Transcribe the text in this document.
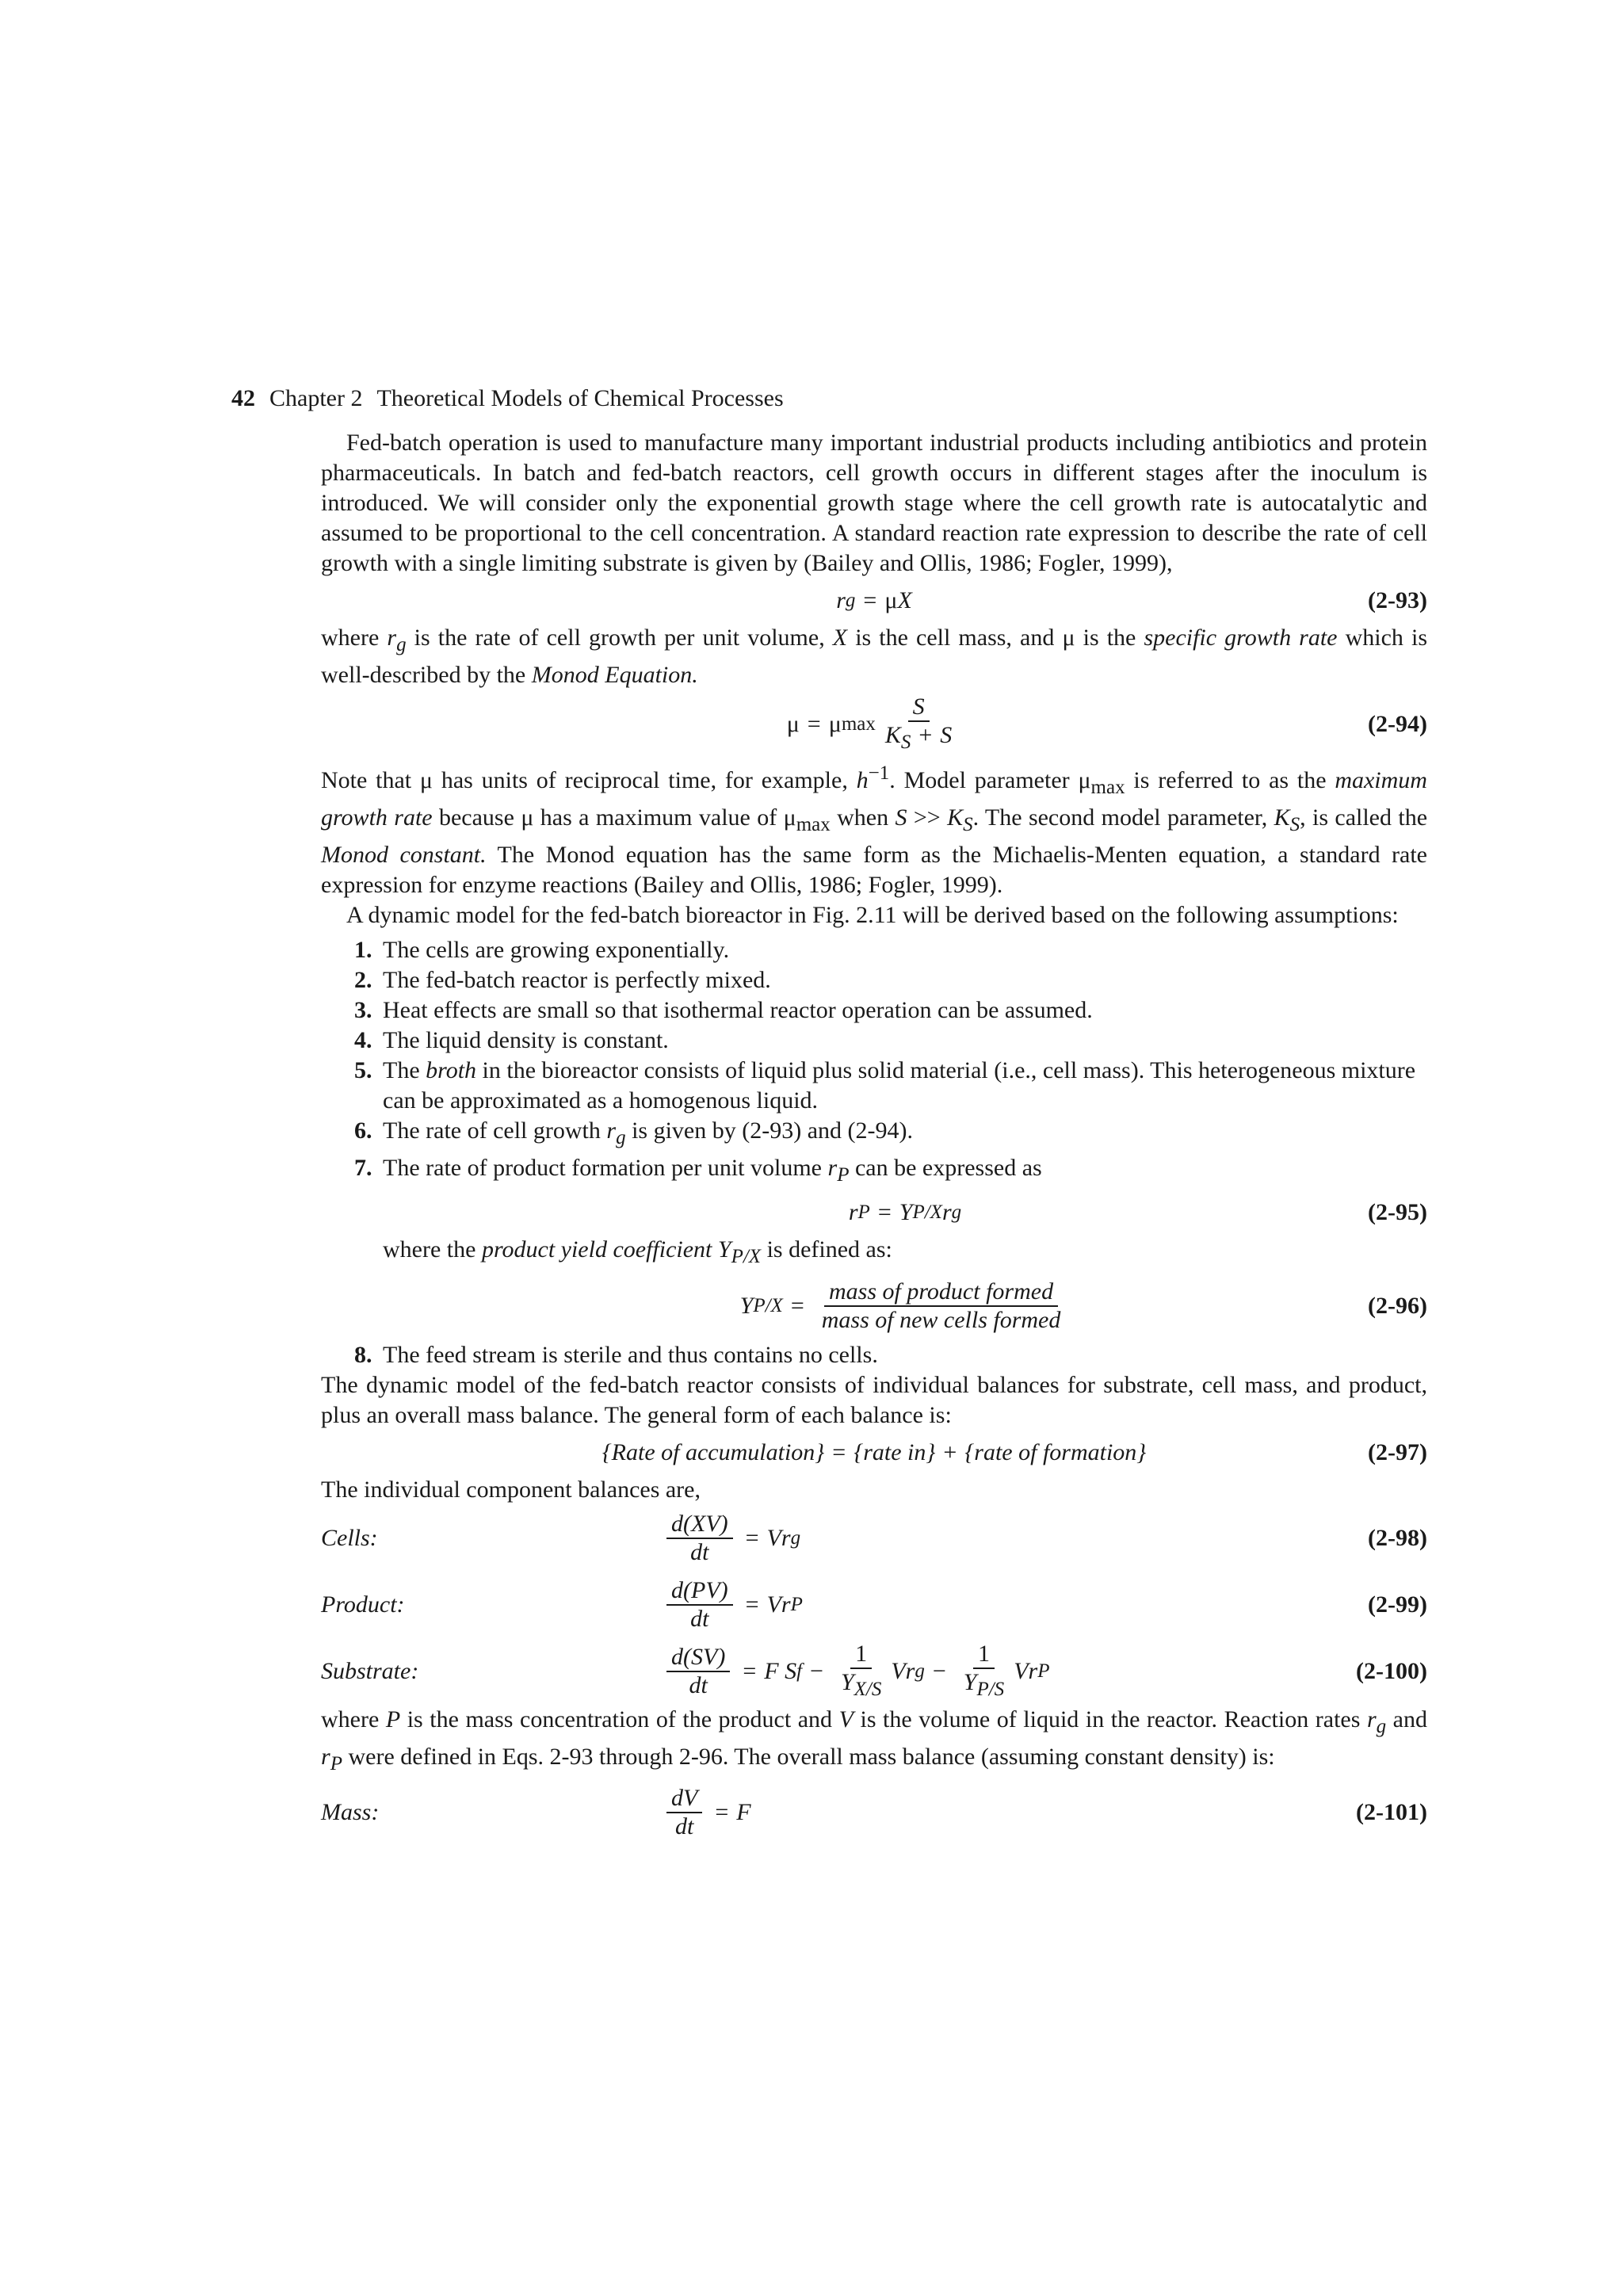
42 Chapter 2 Theoretical Models of Chemical Processes

Fed-batch operation is used to manufacture many important industrial products including antibiotics and protein pharmaceuticals. In batch and fed-batch reactors, cell growth occurs in different stages after the inoculum is introduced. We will consider only the exponential growth stage where the cell growth rate is autocatalytic and assumed to be proportional to the cell concentration. A standard reaction rate expression to describe the rate of cell growth with a single limiting substrate is given by (Bailey and Ollis, 1986; Fogler, 1999),

r g = μ X	(2-93)

where $r_g$ is the rate of cell growth per unit volume, X is the cell mass, and μ is the specific growth rate which is well-described by the Monod Equation.

μ = μ $\max \frac{S}{K_S + S}$	(2-94)

Note that μ has units of reciprocal time, for example, $h^{-1}$. Model parameter $\mu_{max}$ is referred to as the maximum growth rate because μ has a maximum value of $\mu_{max}$ when $S >> K_S$. The second model parameter, $K_S$, is called the Monod constant. The Monod equation has the same form as the Michaelis-Menten equation, a standard rate expression for enzyme reactions (Bailey and Ollis, 1986; Fogler, 1999).

A dynamic model for the fed-batch bioreactor in Fig. 2.11 will be derived based on the following assumptions:

1. The cells are growing exponentially.
2. The fed-batch reactor is perfectly mixed.
3. Heat effects are small so that isothermal reactor operation can be assumed.
4. The liquid density is constant.
5. The broth in the bioreactor consists of liquid plus solid material (i.e., cell mass). This heterogeneous mixture can be approximated as a homogenous liquid.
6. The rate of cell growth $r_g$ is given by (2-93) and (2-94).
7. The rate of product formation per unit volume $r_P$ can be expressed as
r P = Y P/X r g	(2-95)
where the product yield coefficient $Y_{P/X}$ is defined as:
Y $P/X = \frac{\text{mass of product formed}}{\text{mass of new cells formed}}$	(2-96)
8. The feed stream is sterile and thus contains no cells.

The dynamic model of the fed-batch reactor consists of individual balances for substrate, cell mass, and product, plus an overall mass balance. The general form of each balance is:

{Rate of accumulation} = {rate in} + {rate of formation}	(2-97)

The individual component balances are,

Cells:	$\frac{d(XV)}{dt} = V$ r g	(2-98)
Product:	$\frac{d(PV)}{dt} = V$ r P	(2-99)
Substrate:	$\frac{d(SV)}{dt} = F$
S $f - \frac{1}{Y_{X/S}}$ V r $g - \frac{1}{Y_{P/S}}$ V r P	(2-100)

where P is the mass concentration of the product and V is the volume of liquid in the reactor. Reaction rates $r_g$ and $r_P$ were defined in Eqs. 2-93 through 2-96. The overall mass balance (assuming constant density) is:

Mass:	$\frac{dV}{dt} = F$	(2-101)
